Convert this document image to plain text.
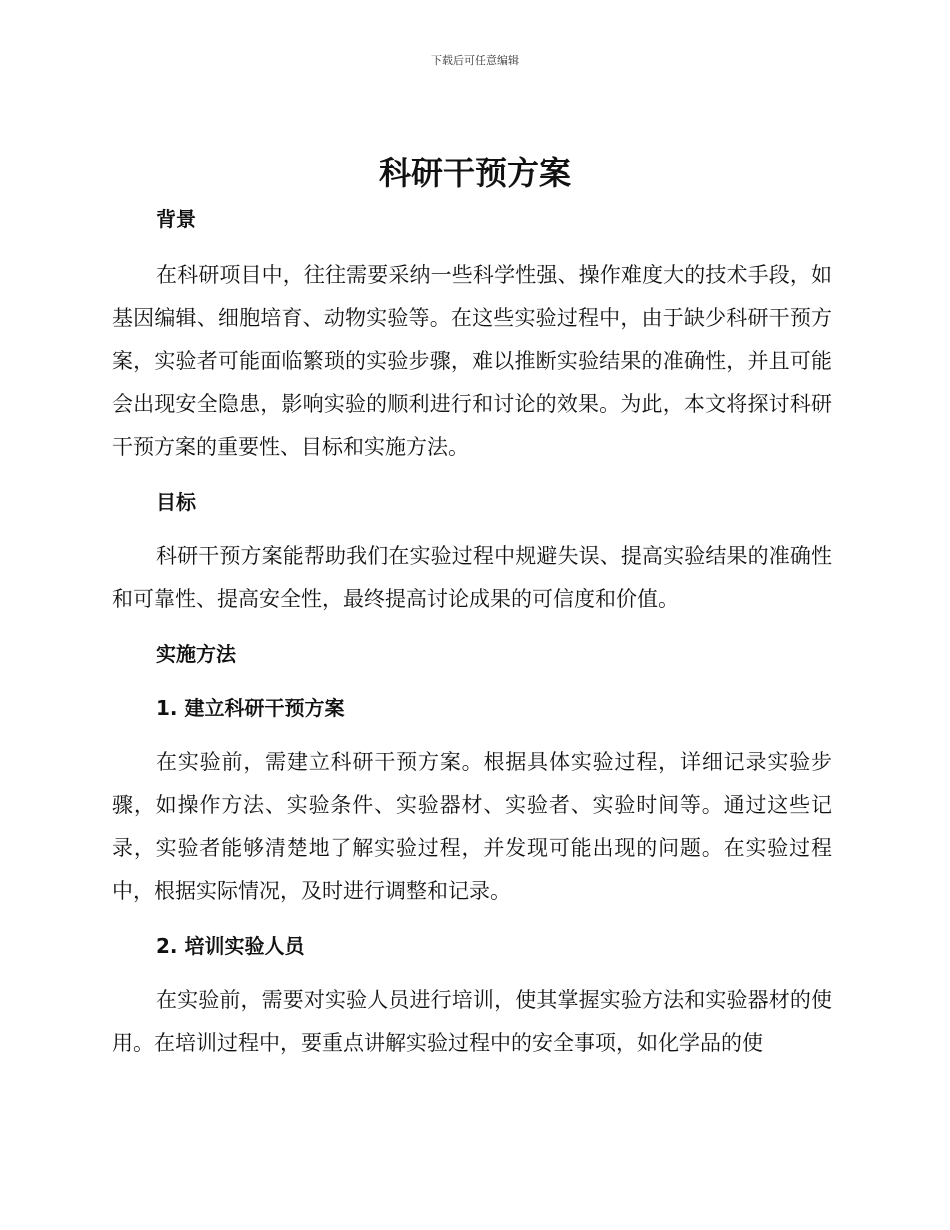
下载后可任意编辑
科研干预方案
背景

在科研项目中，往往需要采纳一些科学性强、操作难度大的技术手段，如基因编辑、细胞培育、动物实验等。在这些实验过程中，由于缺少科研干预方案，实验者可能面临繁琐的实验步骤，难以推断实验结果的准确性，并且可能会出现安全隐患，影响实验的顺利进行和讨论的效果。为此，本文将探讨科研干预方案的重要性、目标和实施方法。

目标

科研干预方案能帮助我们在实验过程中规避失误、提高实验结果的准确性和可靠性、提高安全性，最终提高讨论成果的可信度和价值。

实施方法
1. 建立科研干预方案

在实验前，需建立科研干预方案。根据具体实验过程，详细记录实验步骤，如操作方法、实验条件、实验器材、实验者、实验时间等。通过这些记录，实验者能够清楚地了解实验过程，并发现可能出现的问题。在实验过程中，根据实际情况，及时进行调整和记录。

2. 培训实验人员

在实验前，需要对实验人员进行培训，使其掌握实验方法和实验器材的使用。在培训过程中，要重点讲解实验过程中的安全事项，如化学品的使
